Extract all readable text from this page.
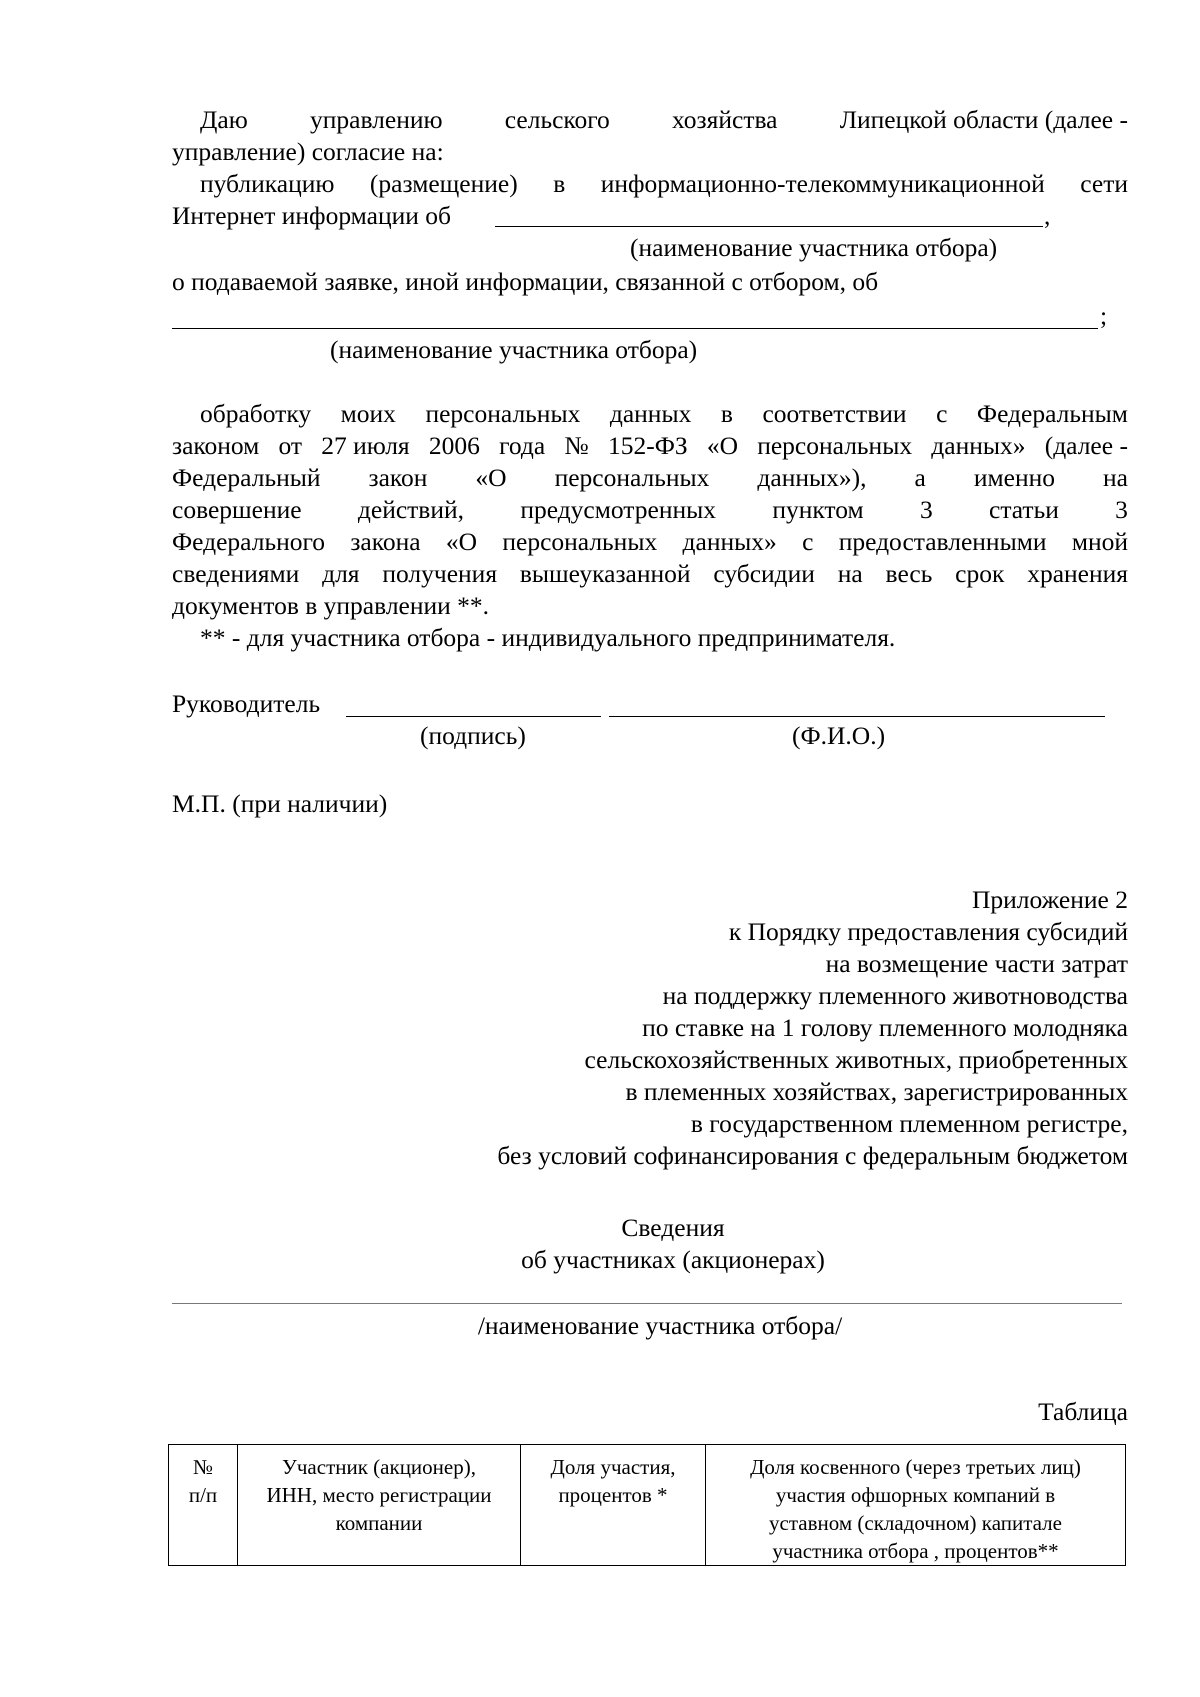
Даю управлению сельского хозяйства Липецкой области (далее -
управление) согласие на:
публикацию (размещение) в информационно-телекоммуникационной сети
Интернет информации об	,
(наименование участника отбора)
о подаваемой заявке, иной информации, связанной с отбором, об
;
(наименование участника отбора)
обработку моих персональных данных в соответствии с Федеральным
законом от 27 июля 2006 года № 152-ФЗ «О персональных данных» (далее -
Федеральный закон «О персональных данных»), а именно на
совершение действий, предусмотренных пунктом 3 статьи 3
Федерального закона «О персональных данных» с предоставленными мной
сведениями для получения вышеуказанной субсидии на весь срок хранения
документов в управлении **.
** - для участника отбора - индивидуального предпринимателя.
Руководитель
(подпись)	(Ф.И.О.)
М.П. (при наличии)
Приложение 2
к Порядку предоставления субсидий
на возмещение части затрат
на поддержку племенного животноводства
по ставке на 1 голову племенного молодняка
сельскохозяйственных животных, приобретенных
в племенных хозяйствах, зарегистрированных
в государственном племенном регистре,
без условий софинансирования с федеральным бюджетом
Сведения
об участниках (акционерах)
/наименование участника отбора/
Таблица
№
п/п

Участник (акционер),
ИНН, место регистрации
компании

Доля участия,
процентов *

Доля косвенного (через третьих лиц)
участия офшорных компаний в
уставном (складочном) капитале
участника отбора , процентов**
